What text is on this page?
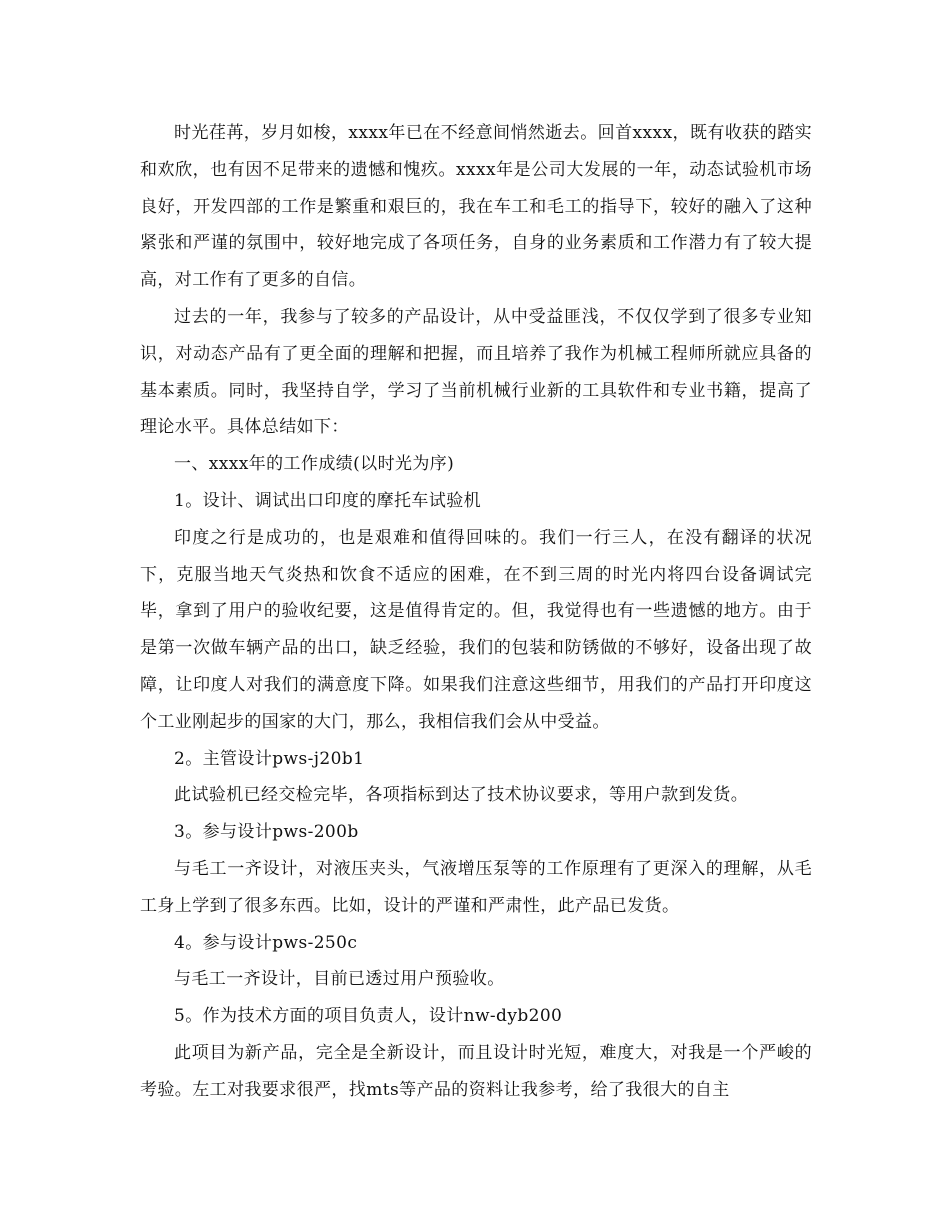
时光荏苒，岁月如梭，xxxx年已在不经意间悄然逝去。回首xxxx，既有收获的踏实和欢欣，也有因不足带来的遗憾和愧疚。xxxx年是公司大发展的一年，动态试验机市场良好，开发四部的工作是繁重和艰巨的，我在车工和毛工的指导下，较好的融入了这种紧张和严谨的氛围中，较好地完成了各项任务，自身的业务素质和工作潜力有了较大提高，对工作有了更多的自信。

过去的一年，我参与了较多的产品设计，从中受益匪浅，不仅仅学到了很多专业知识，对动态产品有了更全面的理解和把握，而且培养了我作为机械工程师所就应具备的基本素质。同时，我坚持自学，学习了当前机械行业新的工具软件和专业书籍，提高了理论水平。具体总结如下：

一、xxxx年的工作成绩(以时光为序)

1。设计、调试出口印度的摩托车试验机

印度之行是成功的，也是艰难和值得回味的。我们一行三人，在没有翻译的状况下，克服当地天气炎热和饮食不适应的困难，在不到三周的时光内将四台设备调试完毕，拿到了用户的验收纪要，这是值得肯定的。但，我觉得也有一些遗憾的地方。由于是第一次做车辆产品的出口，缺乏经验，我们的包装和防锈做的不够好，设备出现了故障，让印度人对我们的满意度下降。如果我们注意这些细节，用我们的产品打开印度这个工业刚起步的国家的大门，那么，我相信我们会从中受益。

2。主管设计pws-j20b1

此试验机已经交检完毕，各项指标到达了技术协议要求，等用户款到发货。

3。参与设计pws-200b

与毛工一齐设计，对液压夹头，气液增压泵等的工作原理有了更深入的理解，从毛工身上学到了很多东西。比如，设计的严谨和严肃性，此产品已发货。

4。参与设计pws-250c

与毛工一齐设计，目前已透过用户预验收。

5。作为技术方面的项目负责人，设计nw-dyb200

此项目为新产品，完全是全新设计，而且设计时光短，难度大，对我是一个严峻的考验。左工对我要求很严，找mts等产品的资料让我参考，给了我很大的自主
